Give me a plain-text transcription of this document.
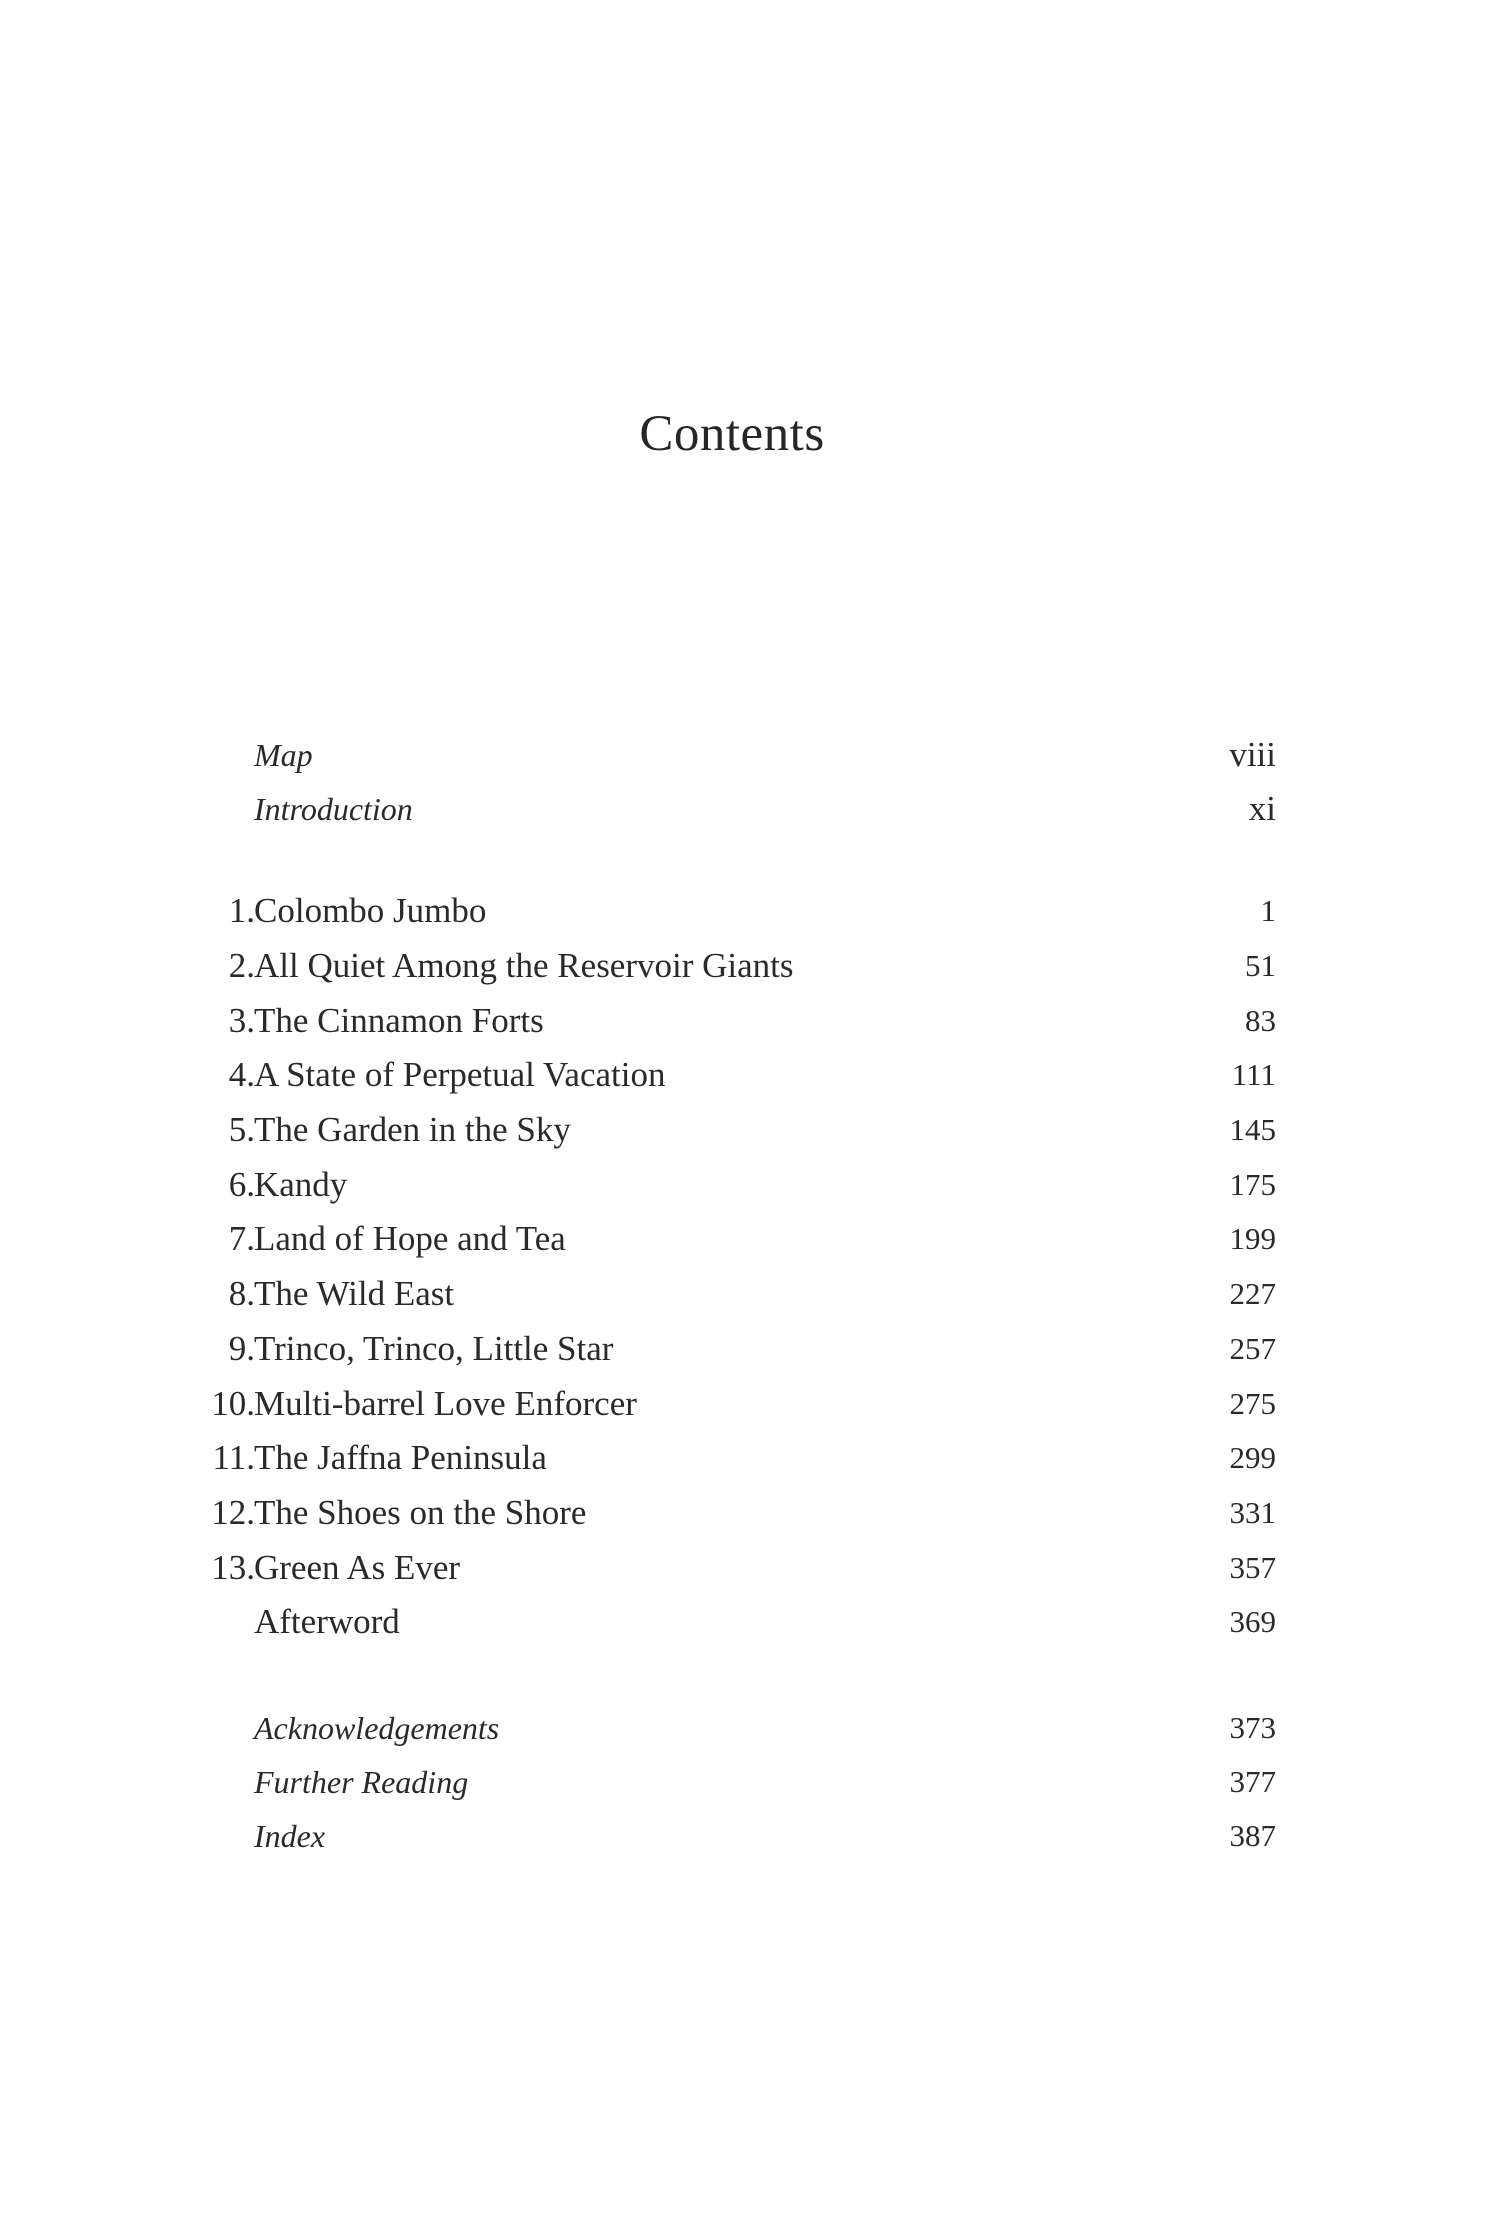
Contents
Map	viii
Introduction	xi
1. Colombo Jumbo	1
2. All Quiet Among the Reservoir Giants	51
3. The Cinnamon Forts	83
4. A State of Perpetual Vacation	111
5. The Garden in the Sky	145
6. Kandy	175
7. Land of Hope and Tea	199
8. The Wild East	227
9. Trinco, Trinco, Little Star	257
10. Multi-barrel Love Enforcer	275
11. The Jaffna Peninsula	299
12. The Shoes on the Shore	331
13. Green As Ever	357
Afterword	369
Acknowledgements	373
Further Reading	377
Index	387
